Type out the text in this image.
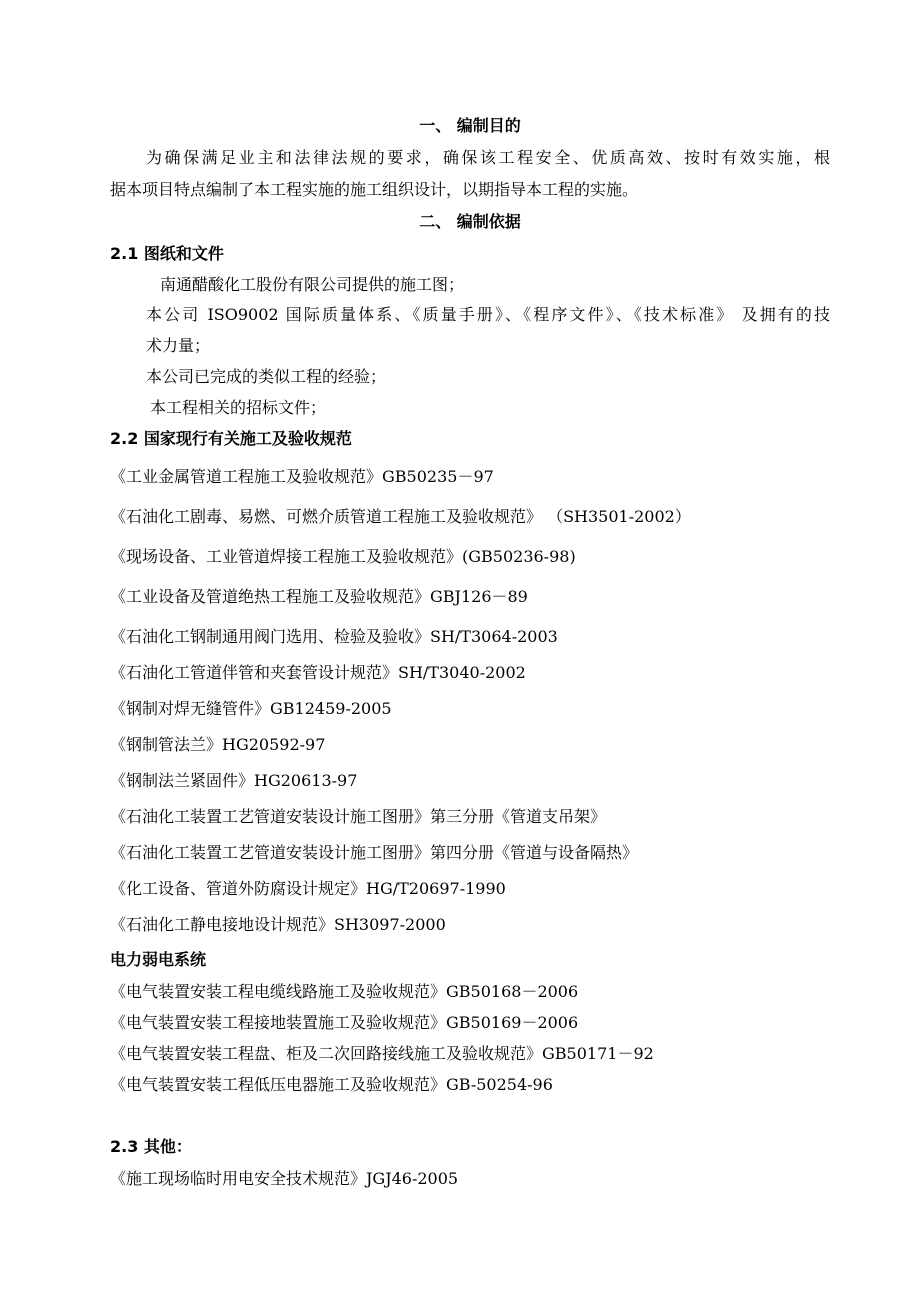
一、 编制目的
为确保满足业主和法律法规的要求，确保该工程安全、优质高效、按时有效实施，根
据本项目特点编制了本工程实施的施工组织设计，以期指导本工程的实施。
二、 编制依据
2.1 图纸和文件
南通醋酸化工股份有限公司提供的施工图；
本公司 ISO9002 国际质量体系、《质量手册》、《程序文件》、《技术标准》 及拥有的技
术力量；
本公司已完成的类似工程的经验；
本工程相关的招标文件；
2.2 国家现行有关施工及验收规范
《工业金属管道工程施工及验收规范》GB50235－97
《石油化工剧毒、易燃、可燃介质管道工程施工及验收规范》 （SH3501-2002）
《现场设备、工业管道焊接工程施工及验收规范》(GB50236-98)
《工业设备及管道绝热工程施工及验收规范》GBJ126－89
《石油化工钢制通用阀门选用、检验及验收》SH/T3064-2003
《石油化工管道伴管和夹套管设计规范》SH/T3040-2002
《钢制对焊无缝管件》GB12459-2005
《钢制管法兰》HG20592-97
《钢制法兰紧固件》HG20613-97
《石油化工装置工艺管道安装设计施工图册》第三分册《管道支吊架》
《石油化工装置工艺管道安装设计施工图册》第四分册《管道与设备隔热》
《化工设备、管道外防腐设计规定》HG/T20697-1990
《石油化工静电接地设计规范》SH3097-2000
电力弱电系统
《电气装置安装工程电缆线路施工及验收规范》GB50168－2006
《电气装置安装工程接地装置施工及验收规范》GB50169－2006
《电气装置安装工程盘、柜及二次回路接线施工及验收规范》GB50171－92
《电气装置安装工程低压电器施工及验收规范》GB-50254-96
2.3 其他：
《施工现场临时用电安全技术规范》JGJ46-2005
